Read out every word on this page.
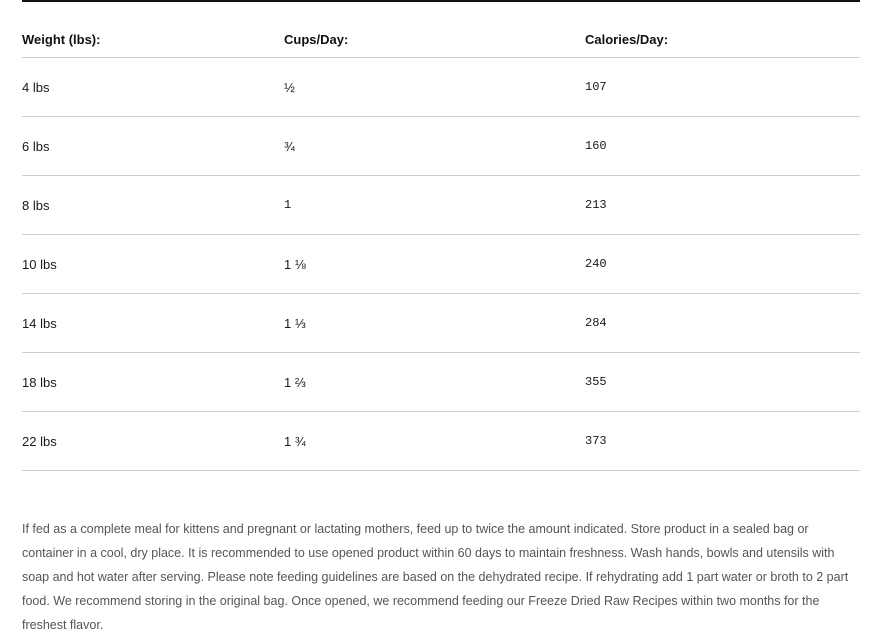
Weight (lbs):	Cups/Day:	Calories/Day:
4 lbs	½	107
6 lbs	¾	160
8 lbs	1	213
10 lbs	1 ⅛	240
14 lbs	1 ⅓	284
18 lbs	1 ⅔	355
22 lbs	1 ¾	373

If fed as a complete meal for kittens and pregnant or lactating mothers, feed up to twice the amount indicated. Store product in a sealed bag or container in a cool, dry place. It is recommended to use opened product within 60 days to maintain freshness. Wash hands, bowls and utensils with soap and hot water after serving. Please note feeding guidelines are based on the dehydrated recipe. If rehydrating add 1 part water or broth to 2 part food. We recommend storing in the original bag. Once opened, we recommend feeding our Freeze Dried Raw Recipes within two months for the freshest flavor.
